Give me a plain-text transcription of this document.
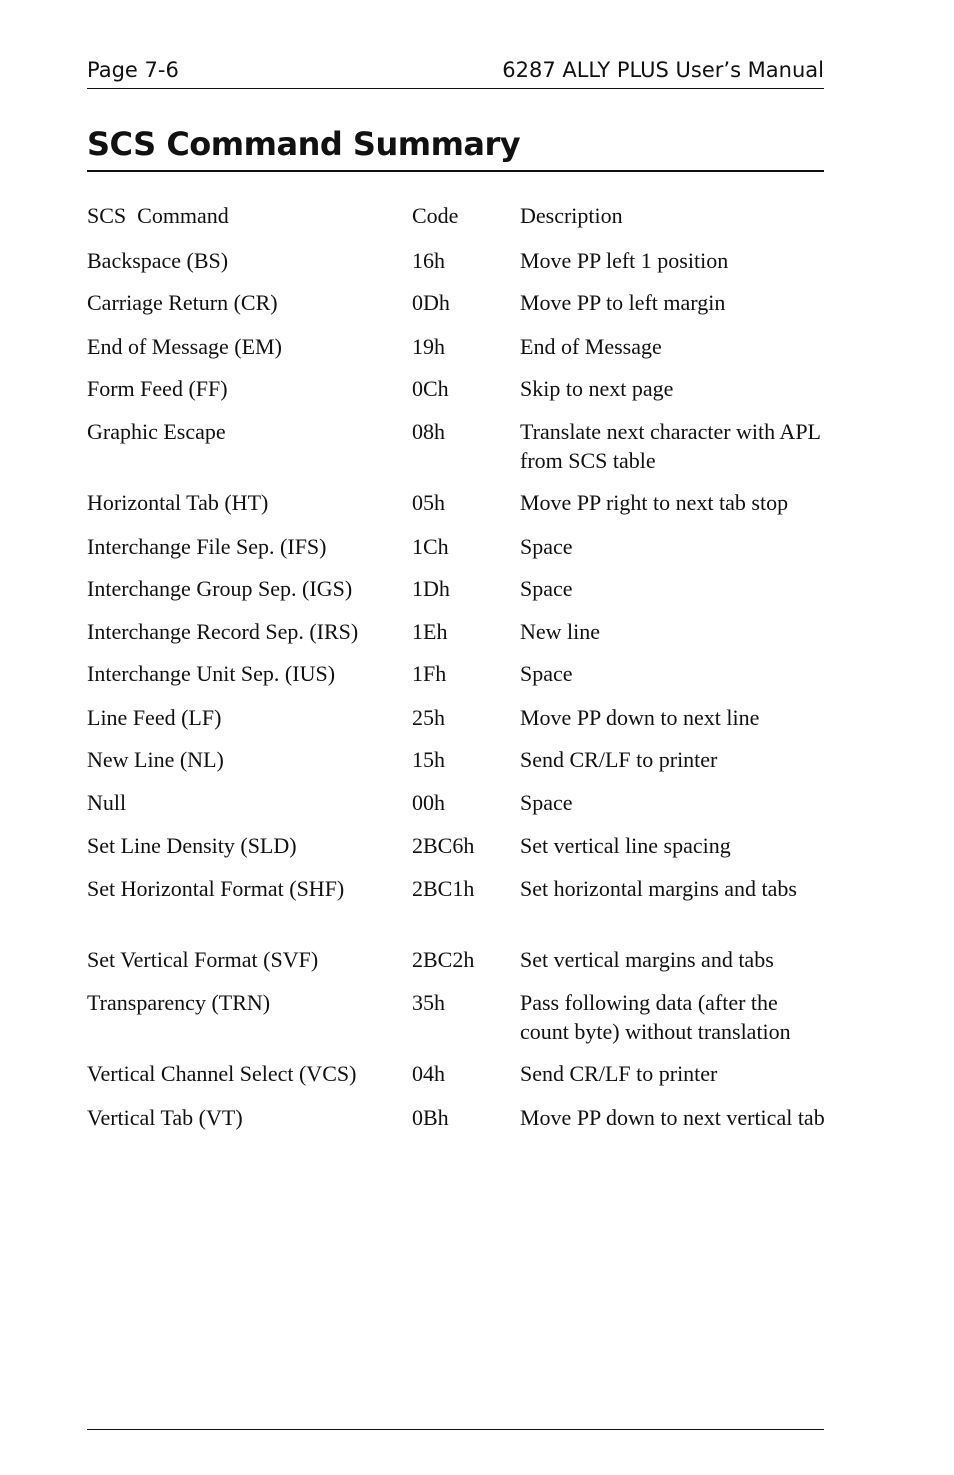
Page 7-6	6287 ALLY PLUS User’s Manual
SCS Command Summary
SCS  Command	Code	Description
Backspace (BS)	16h	Move PP left 1 position
Carriage Return (CR)	0Dh	Move PP to left margin
End of Message (EM)	19h	End of Message
Form Feed (FF)	0Ch	Skip to next page
Graphic Escape	08h	Translate next character with APL from SCS table
Horizontal Tab (HT)	05h	Move PP right to next tab stop
Interchange File Sep. (IFS)	1Ch	Space
Interchange Group Sep. (IGS)	1Dh	Space
Interchange Record Sep. (IRS) 1Eh	New line
Interchange Unit Sep. (IUS)	1Fh	Space
Line Feed (LF)	25h	Move PP down to next line
New Line (NL)	15h	Send CR/LF to printer
Null	00h	Space
Set Line Density (SLD)	2BC6h Set vertical line spacing
Set Horizontal Format (SHF)	2BC1h Set horizontal margins and tabs
Set Vertical Format (SVF)	2BC2h Set vertical margins and tabs
Transparency (TRN)	35h	Pass following data (after the count byte) without translation
Vertical Channel Select (VCS)	04h	Send CR/LF to printer
Vertical Tab (VT)	0Bh	Move PP down to next vertical tab
